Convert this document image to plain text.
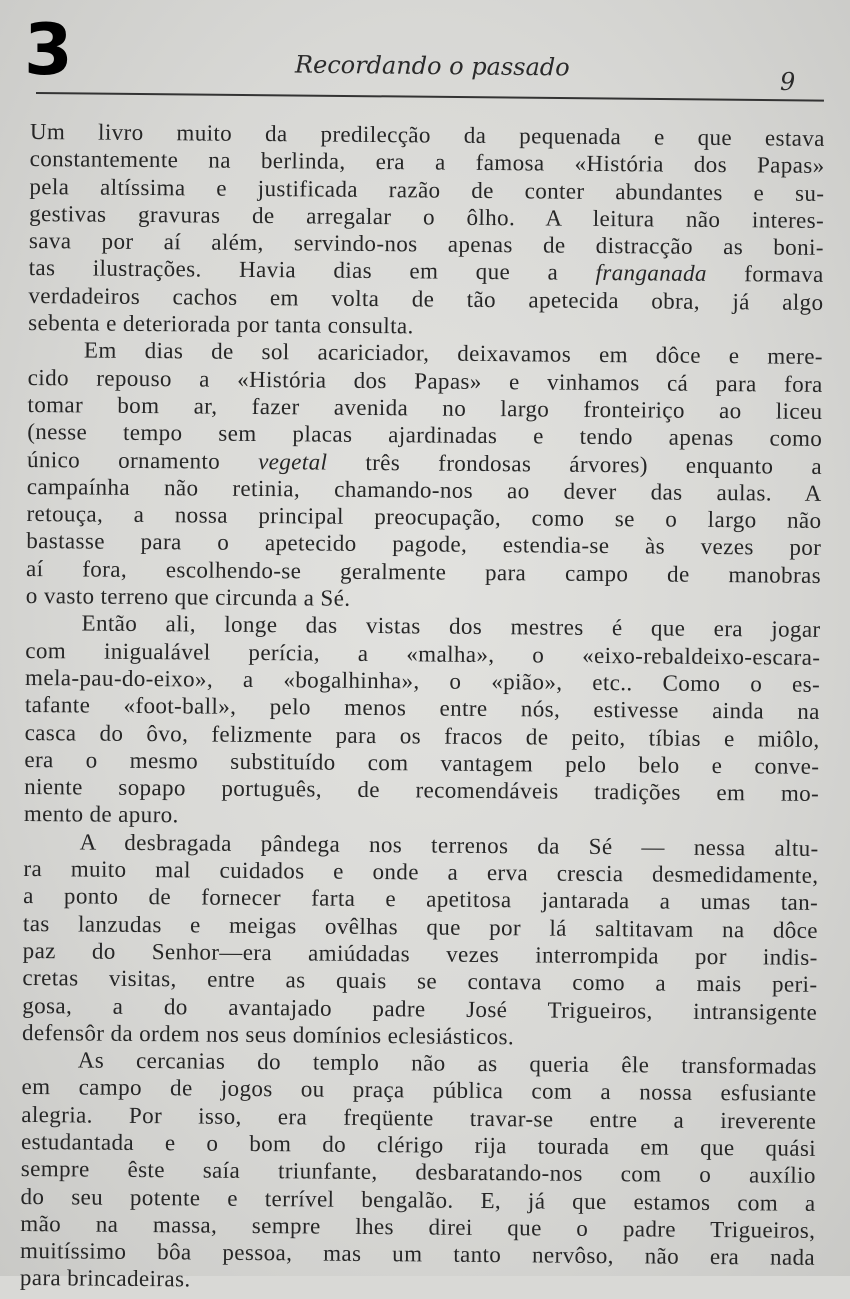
3	Recordando o passado
9
Um livro muito da predilecção da pequenada e que estava
constantemente na berlinda, era a famosa «História dos Papas»
pela altíssima e justificada razão de conter abundantes e su-
gestivas gravuras de arregalar o ôlho. A leitura não interes-
sava por aí além, servindo-nos apenas de distracção as boni-
tas ilustrações. Havia dias em que a franganada formava
verdadeiros cachos em volta de tão apetecida obra, já algo
sebenta e deteriorada por tanta consulta.
Em dias de sol acariciador, deixavamos em dôce e mere-
cido repouso a «História dos Papas» e vinhamos cá para fora
tomar bom ar, fazer avenida no largo fronteiriço ao liceu
(nesse tempo sem placas ajardinadas e tendo apenas como
único ornamento vegetal três frondosas árvores) enquanto a
campaínha não retinia, chamando-nos ao dever das aulas. A
retouça, a nossa principal preocupação, como se o largo não
bastasse para o apetecido pagode, estendia-se às vezes por
aí fora, escolhendo-se geralmente para campo de manobras
o vasto terreno que circunda a Sé.
Então ali, longe das vistas dos mestres é que era jogar
com inigualável perícia, a «malha», o «eixo-rebaldeixo-escara-
mela-pau-do-eixo», a «bogalhinha», o «pião», etc.. Como o es-
tafante «foot-ball», pelo menos entre nós, estivesse ainda na
casca do ôvo, felizmente para os fracos de peito, tíbias e miôlo,
era o mesmo substituído com vantagem pelo belo e conve-
niente sopapo português, de recomendáveis tradições em mo-
mento de apuro.
A desbragada pândega nos terrenos da Sé — nessa altu-
ra muito mal cuidados e onde a erva crescia desmedidamente,
a ponto de fornecer farta e apetitosa jantarada a umas tan-
tas lanzudas e meigas ovêlhas que por lá saltitavam na dôce
paz do Senhor—era amiúdadas vezes interrompida por indis-
cretas visitas, entre as quais se contava como a mais peri-
gosa, a do avantajado padre José Trigueiros, intransigente
defensôr da ordem nos seus domínios eclesiásticos.
As cercanias do templo não as queria êle transformadas
em campo de jogos ou praça pública com a nossa esfusiante
alegria. Por isso, era freqüente travar-se entre a ireverente
estudantada e o bom do clérigo rija tourada em que quási
sempre êste saía triunfante, desbaratando-nos com o auxílio
do seu potente e terrível bengalão. E, já que estamos com a
mão na massa, sempre lhes direi que o padre Trigueiros,
muitíssimo bôa pessoa, mas um tanto nervôso, não era nada
para brincadeiras.
